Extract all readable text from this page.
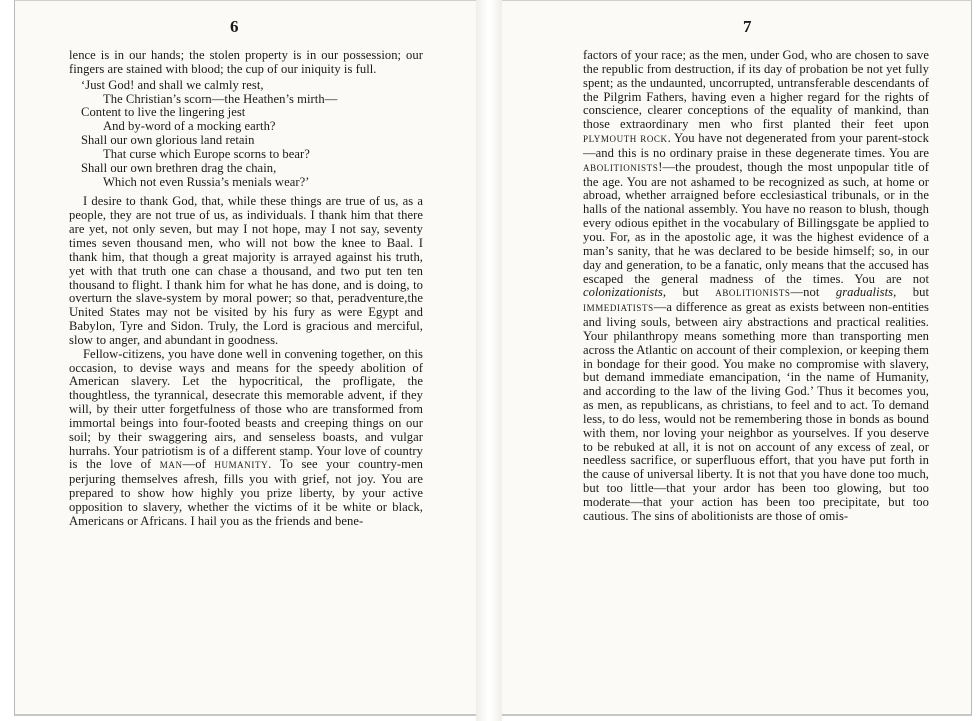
6

lence is in our hands; the stolen property is in our possession; our fingers are stained with blood; the cup of our iniquity is full.

‘Just God! and shall we calmly rest,
The Christian’s scorn—the Heathen’s mirth—
Content to live the lingering jest
And by-word of a mocking earth?
Shall our own glorious land retain
That curse which Europe scorns to bear?
Shall our own brethren drag the chain,
Which not even Russia’s menials wear?’

I desire to thank God, that, while these things are true of us, as a people, they are not true of us, as individuals. I thank him that there are yet, not only seven, but may I not hope, may I not say, seventy times seven thousand men, who will not bow the knee to Baal. I thank him, that though a great majority is arrayed against his truth, yet with that truth one can chase a thousand, and two put ten ten thousand to flight. I thank him for what he has done, and is doing, to overturn the slave-system by moral power; so that, peradventure,the United States may not be visited by his fury as were Egypt and Babylon, Tyre and Sidon. Truly, the Lord is gracious and merciful, slow to anger, and abundant in goodness.

Fellow-citizens, you have done well in convening together, on this occasion, to devise ways and means for the speedy abolition of American slavery. Let the hypocritical, the profligate, the thoughtless, the tyrannical, desecrate this memorable advent, if they will, by their utter forgetfulness of those who are transformed from immortal beings into four-footed beasts and creeping things on our soil; by their swaggering airs, and senseless boasts, and vulgar hurrahs. Your patriotism is of a different stamp. Your love of country is the love of MAN—of HUMANITY. To see your country-men perjuring themselves afresh, fills you with grief, not joy. You are prepared to show how highly you prize liberty, by your active opposition to slavery, whether the victims of it be white or black, Americans or Africans. I hail you as the friends and bene-

7

factors of your race; as the men, under God, who are chosen to save the republic from destruction, if its day of probation be not yet fully spent; as the undaunted, uncorrupted, untransferable descendants of the Pilgrim Fathers, having even a higher regard for the rights of conscience, clearer conceptions of the equality of mankind, than those extraordinary men who first planted their feet upon PLYMOUTH ROCK. You have not degenerated from your parent-stock—and this is no ordinary praise in these degenerate times. You are ABOLITIONISTS!—the proudest, though the most unpopular title of the age. You are not ashamed to be recognized as such, at home or abroad, whether arraigned before ecclesiastical tribunals, or in the halls of the national assembly. You have no reason to blush, though every odious epithet in the vocabulary of Billingsgate be applied to you. For, as in the apostolic age, it was the highest evidence of a man’s sanity, that he was declared to be beside himself; so, in our day and generation, to be a fanatic, only means that the accused has escaped the general madness of the times. You are not colonizationists, but ABOLITIONISTS—not gradualists, but IMMEDIATISTS—a difference as great as exists between non-entities and living souls, between airy abstractions and practical realities. Your philanthropy means something more than transporting men across the Atlantic on account of their complexion, or keeping them in bondage for their good. You make no compromise with slavery, but demand immediate emancipation, ‘in the name of Humanity, and according to the law of the living God.’ Thus it becomes you, as men, as republicans, as christians, to feel and to act. To demand less, to do less, would not be remembering those in bonds as bound with them, nor loving your neighbor as yourselves. If you deserve to be rebuked at all, it is not on account of any excess of zeal, or needless sacrifice, or superfluous effort, that you have put forth in the cause of universal liberty. It is not that you have done too much, but too little—that your ardor has been too glowing, but too moderate—that your action has been too precipitate, but too cautious. The sins of abolitionists are those of omis-
